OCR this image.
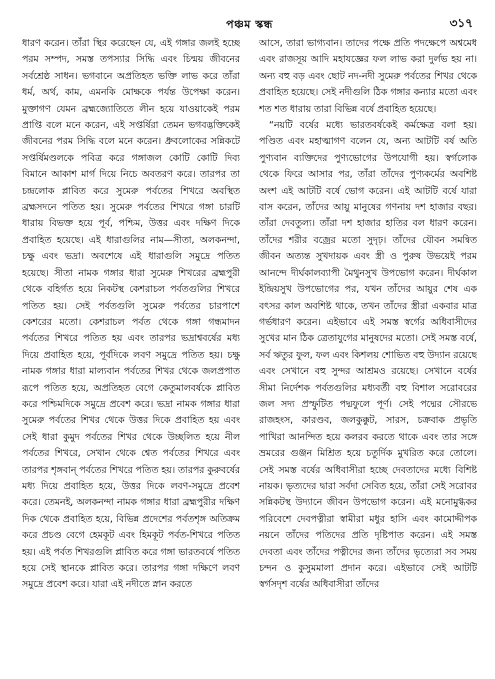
পঞ্চম স্কন্ধ	৩১৭

ধারণ করেন। তাঁরা স্থির করেছেন যে, এই গঙ্গার জলই হচ্ছে পরম সম্পদ, সমস্ত তপস্যার সিদ্ধি এবং চিন্ময় জীবনের সর্বশ্রেষ্ঠ সাধন। ভগবানে অপ্রতিহত ভক্তি লাভ করে তাঁরা ধর্ম, অর্থ, কাম, এমনকি মোক্ষকে পর্যন্ত উপেক্ষা করেন। মুক্তাগণ যেমন ব্রহ্মজ্যোতিতে লীন হয়ে যাওয়াকেই পরম প্রাপ্তি বলে মনে করেন, এই সপ্তর্ষিরা তেমন ভগবদ্ভক্তিকেই জীবনের পরম সিদ্ধি বলে মনে করেন। ধ্রুবলোকের সন্নিকটে সপ্তর্ষিমণ্ডলকে পবিত্র করে গঙ্গাজল কোটি কোটি দিব্য বিমানে আকাশ মার্গ দিয়ে নিচে অবতরণ করে। তারপর তা চন্দ্রলোক প্লাবিত করে সুমেরু পর্বতের শিখরে অবস্থিত ব্রহ্মসদনে পতিত হয়। সুমেরু পর্বতের শিখরে গঙ্গা চারটি ধারায় বিভক্ত হয়ে পূর্ব, পশ্চিম, উত্তর এবং দক্ষিণ দিকে প্রবাহিত হয়েছে। এই ধারাগুলির নাম—সীতা, অলকনন্দা, চক্ষু এবং ভদ্রা। অবশেষে এই ধারাগুলি সমুদ্রে পতিত হয়েছে। সীতা নামক গঙ্গার ধারা সুমেরু শিখরের ব্রহ্মপুরী থেকে বহির্গত হয়ে নিকটস্থ কেশরাচল পর্বতগুলির শিখরে পতিত হয়। সেই পর্বতগুলি সুমেরু পর্বতের চারপাশে কেশরের মতো। কেশরাচল পর্বত থেকে গঙ্গা গন্ধমাদন পর্বতের শিখরে পতিত হয় এবং তারপর ভদ্রাশ্ববর্ষের মধ্য দিয়ে প্রবাহিত হয়ে, পূর্বদিকে লবণ সমুদ্রে পতিত হয়। চক্ষু নামক গঙ্গার ধারা মাল্যবান পর্বতের শিখর থেকে জলপ্রপাত রূপে পতিত হয়ে, অপ্রতিহত বেগে কেতুমালবর্ষকে প্লাবিত করে পশ্চিমদিকে সমুদ্রে প্রবেশ করে। ভদ্রা নামক গঙ্গার ধারা সুমেরু পর্বতের শিখর থেকে উত্তর দিকে প্রবাহিত হয় এবং সেই ধারা কুমুদ পর্বতের শিখর থেকে উচ্ছলিত হয়ে নীল পর্বতের শিখরে, সেখান থেকে শ্বেত পর্বতের শিখরে এবং তারপর শৃঙ্গবান্ পর্বতের শিখরে পতিত হয়। তারপর কুরুবর্ষের মধ্য দিয়ে প্রবাহিত হয়ে, উত্তর দিকে লবণ-সমুদ্রে প্রবেশ করে। তেমনই, অলকনন্দা নামক গঙ্গার ধারা ব্রহ্মপুরীর দক্ষিণ দিক থেকে প্রবাহিত হয়ে, বিভিন্ন প্রদেশের পর্বতশৃঙ্গ অতিক্রম করে প্রচণ্ড বেগে হেমকূট এবং হিমকূট পর্বত-শিখরে পতিত হয়। এই পর্বত শিখরগুলি প্লাবিত করে গঙ্গা ভারতবর্ষে পতিত হয়ে সেই স্থানকে প্লাবিত করে। তারপর গঙ্গা দক্ষিণে লবণ সমুদ্রে প্রবেশ করে। যারা এই নদীতে স্নান করতে

আসে, তারা ভাগ্যবান। তাদের পক্ষে প্রতি পদক্ষেপে অশ্বমেধ এবং রাজসূয় আদি মহাযজ্ঞের ফল লাভ করা দুর্লভ হয় না। অন্য বহু বড় এবং ছোট নদ-নদী সুমেরু পর্বতের শিখর থেকে প্রবাহিত হয়েছে। সেই নদীগুলি ঠিক গঙ্গার কন্যার মতো এবং শত শত ধারায় তারা বিভিন্ন বর্ষে প্রবাহিত হয়েছে।

“নয়টি বর্ষের মধ্যে ভারতবর্ষকেই কর্মক্ষেত্র বলা হয়। পণ্ডিত এবং মহাত্মাগণ বলেন যে, অন্য আটটি বর্ষ অতি পুণ্যবান ব্যক্তিদের পুণ্যভোগের উপযোগী হয়। স্বর্গলোক থেকে ফিরে আসার পর, তাঁরা তাঁদের পুণ্যকর্মের অবশিষ্ট অংশ এই আটটি বর্ষে ভোগ করেন। এই আটটি বর্ষে যারা বাস করেন, তাঁদের আয়ু মানুষের গণনায় দশ হাজার বছর। তাঁরা দেবতুল্য। তাঁরা দশ হাজার হাতির বল ধারণ করেন। তাঁদের শরীর বজ্রের মতো সুদৃঢ়। তাঁদের যৌবন সমন্বিত জীবন অত্যন্ত সুখদায়ক এবং স্ত্রী ও পুরুষ উভয়েই পরম আনন্দে দীর্ঘকালব্যাপী মৈথুনসুখ উপভোগ করেন। দীর্ঘকাল ইন্দ্রিয়সুখ উপভোগের পর, যখন তাঁদের আয়ুর শেষ এক বৎসর কাল অবশিষ্ট থাকে, তখন তাঁদের স্ত্রীরা একবার মাত্র গর্ভধারণ করেন। এইভাবে এই সমস্ত স্বর্গের অধিবাসীদের সুখের মান ঠিক ত্রেতাযুগের মানুষদের মতো। সেই সমস্ত বর্ষে, সর্ব ঋতুর ফুল, ফল এবং কিশলয় শোভিত বহু উদ্যান রয়েছে এবং সেখানে বহু সুন্দর আশ্রমও রয়েছে। সেখানে বর্ষের সীমা নির্দেশক পর্বতগুলির মধ্যবর্তী বহু বিশাল সরোবরের জল সদ্য প্রস্ফুটিত পদ্মফুলে পূর্ণ। সেই পদ্মের সৌরভে রাজহংস, কারণ্ডব, জলকুক্কুট, সারস, চক্রবাক প্রভৃতি পাখিরা আনন্দিত হয়ে কলরব করতে থাকে এবং তার সঙ্গে ভ্রমরের গুঞ্জন মিশ্রিত হয়ে চতুর্দিক মুখরিত করে তোলে। সেই সমস্ত বর্ষের অধিবাসীরা হচ্ছে দেবতাদের মধ্যে বিশিষ্ট নায়ক। ভৃত্যদের দ্বারা সর্বদা সেবিত হয়ে, তাঁরা সেই সরোবর সন্নিকটস্থ উদ্যানে জীবন উপভোগ করেন। এই মনোমুগ্ধকর পরিবেশে দেবপত্নীরা স্বামীরা মধুর হাসি এবং কামোদ্দীপক নয়নে তাঁদের পতিদের প্রতি দৃষ্টিপাত করেন। এই সমস্ত দেবতা এবং তাঁদের পত্নীদের জন্য তাঁদের ভৃত্যেরা সব সময় চন্দন ও কুসুমমালা প্রদান করে। এইভাবে সেই আটটি স্বর্গসদৃশ বর্ষের অধিবাসীরা তাঁদের
